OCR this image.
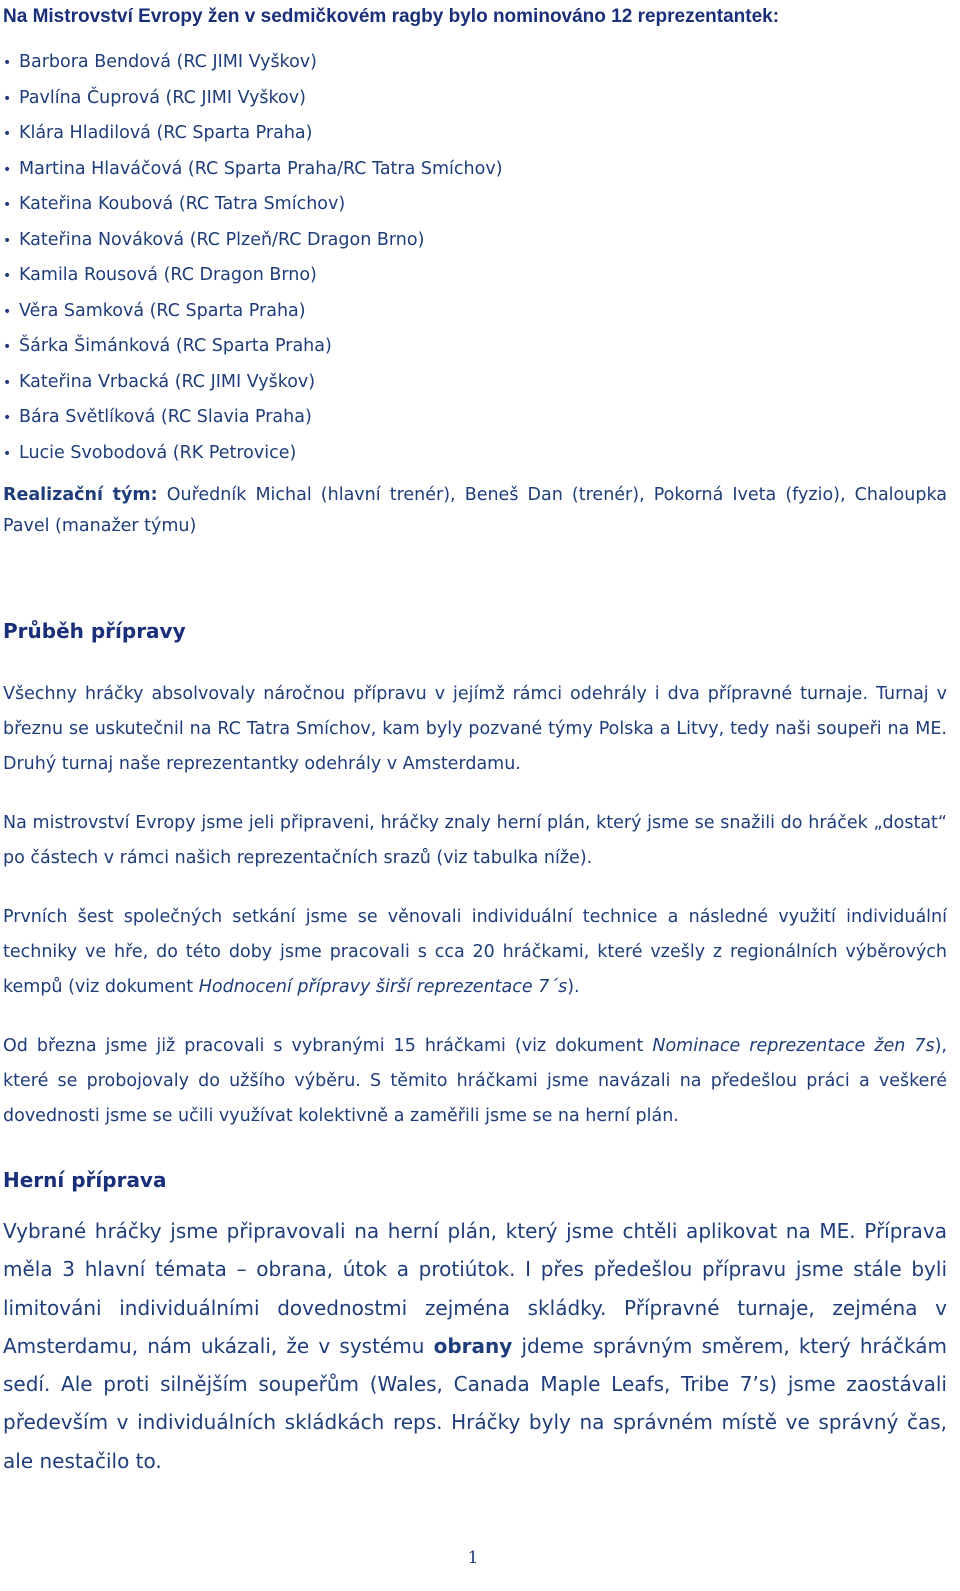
Na Mistrovství Evropy žen v sedmičkovém ragby bylo nominováno 12 reprezentantek:
• Barbora Bendová (RC JIMI Vyškov)
• Pavlína Čuprová (RC JIMI Vyškov)
• Klára Hladilová (RC Sparta Praha)
• Martina Hlaváčová (RC Sparta Praha/RC Tatra Smíchov)
• Kateřina Koubová (RC Tatra Smíchov)
• Kateřina Nováková (RC Plzeň/RC Dragon Brno)
• Kamila Rousová (RC Dragon Brno)
• Věra Samková (RC Sparta Praha)
• Šárka Šimánková (RC Sparta Praha)
• Kateřina Vrbacká (RC JIMI Vyškov)
• Bára Světlíková (RC Slavia Praha)
• Lucie Svobodová (RK Petrovice)
Realizační tým: Ouředník Michal (hlavní trenér), Beneš Dan (trenér), Pokorná Iveta (fyzio), Chaloupka Pavel (manažer týmu)
Průběh přípravy
Všechny hráčky absolvovaly náročnou přípravu v jejímž rámci odehrály i dva přípravné turnaje. Turnaj v březnu se uskutečnil na RC Tatra Smíchov, kam byly pozvané týmy Polska a Litvy, tedy naši soupeři na ME. Druhý turnaj naše reprezentantky odehrály v Amsterdamu.
Na mistrovství Evropy jsme jeli připraveni, hráčky znaly herní plán, který jsme se snažili do hráček „dostat“ po částech v rámci našich reprezentačních srazů (viz tabulka níže).
Prvních šest společných setkání jsme se věnovali individuální technice a následné využití individuální techniky ve hře, do této doby jsme pracovali s cca 20 hráčkami, které vzešly z regionálních výběrových kempů (viz dokument Hodnocení přípravy širší reprezentace 7´s).
Od března jsme již pracovali s vybranými 15 hráčkami (viz dokument Nominace reprezentace žen 7s), které se probojovaly do užšího výběru. S těmito hráčkami jsme navázali na předešlou práci a veškeré dovednosti jsme se učili využívat kolektivně a zaměřili jsme se na herní plán.
Herní příprava
Vybrané hráčky jsme připravovali na herní plán, který jsme chtěli aplikovat na ME. Příprava měla 3 hlavní témata – obrana, útok a protiútok. I přes předešlou přípravu jsme stále byli limitováni individuálními dovednostmi zejména skládky. Přípravné turnaje, zejména v Amsterdamu, nám ukázali, že v systému obrany jdeme správným směrem, který hráčkám sedí. Ale proti silnějším soupeřům (Wales, Canada Maple Leafs, Tribe 7’s) jsme zaostávali především v individuálních skládkách reps. Hráčky byly na správném místě ve správný čas, ale nestačilo to.
1
